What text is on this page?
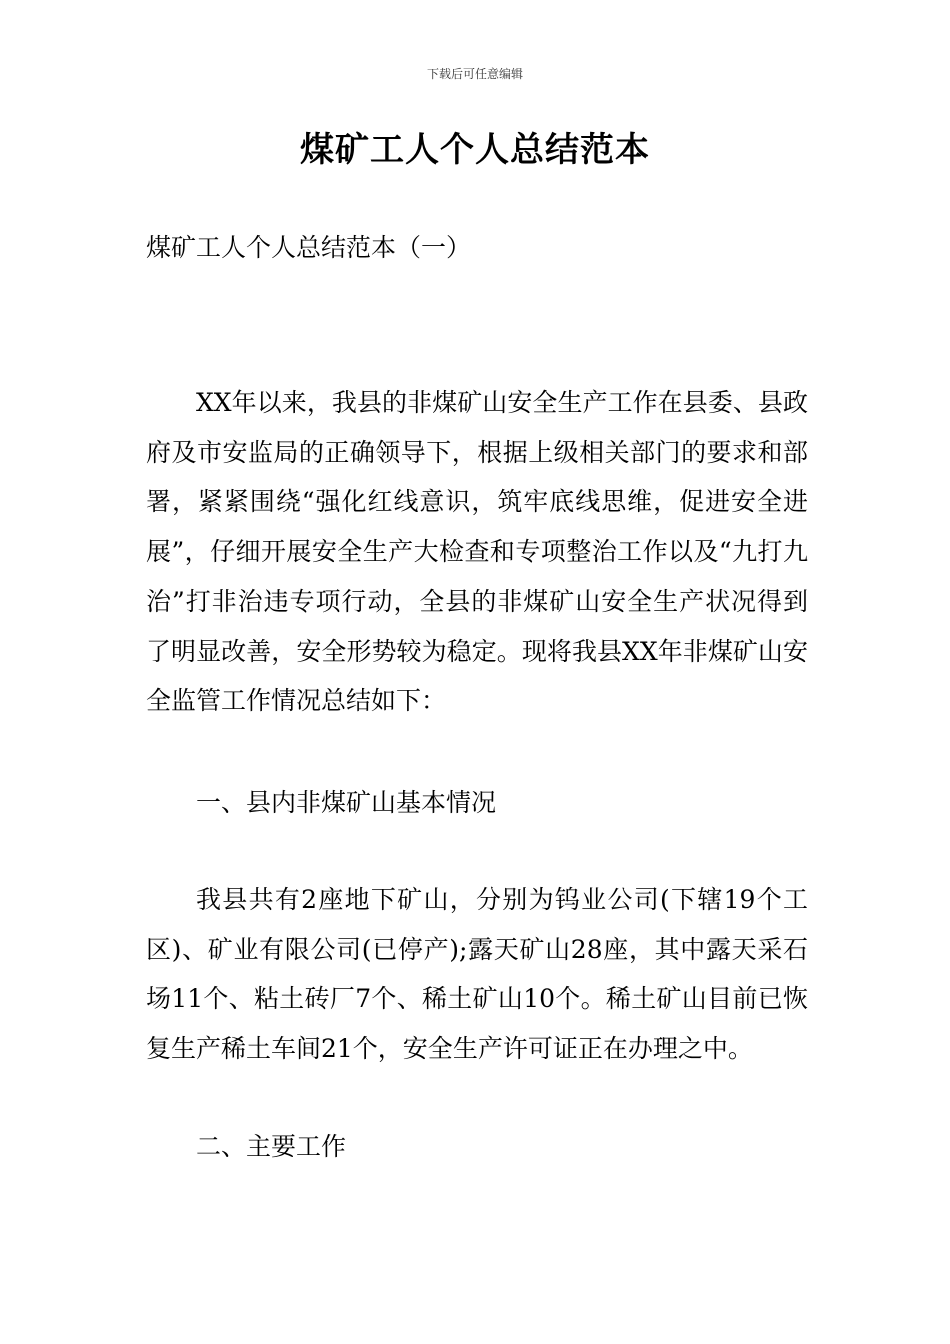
下载后可任意编辑
煤矿工人个人总结范本
煤矿工人个人总结范本（一）

XX年以来，我县的非煤矿山安全生产工作在县委、县政府及市安监局的正确领导下，根据上级相关部门的要求和部署，紧紧围绕“强化红线意识，筑牢底线思维，促进安全进展”，仔细开展安全生产大检查和专项整治工作以及“九打九治”打非治违专项行动，全县的非煤矿山安全生产状况得到了明显改善，安全形势较为稳定。现将我县XX年非煤矿山安全监管工作情况总结如下：

一、县内非煤矿山基本情况

我县共有2座地下矿山，分别为钨业公司(下辖19个工区)、矿业有限公司(已停产);露天矿山28座，其中露天采石场11个、粘土砖厂7个、稀土矿山10个。稀土矿山目前已恢复生产稀土车间21个，安全生产许可证正在办理之中。

二、主要工作
